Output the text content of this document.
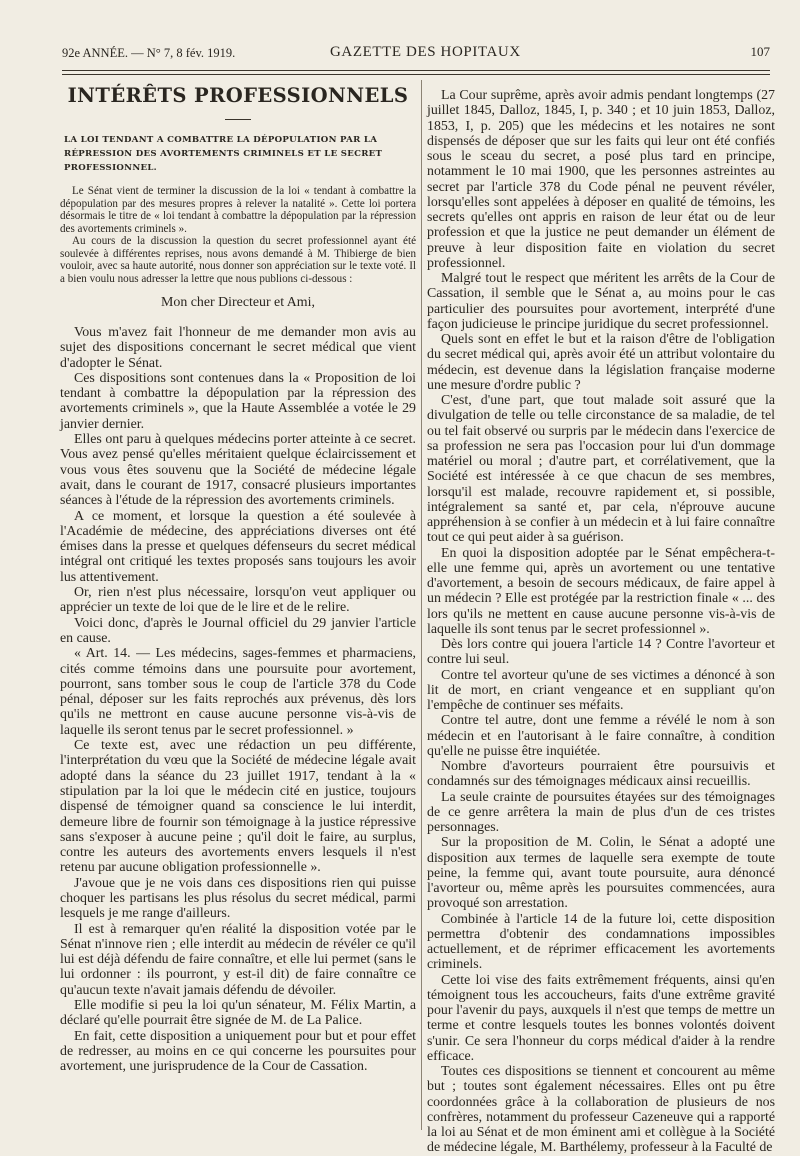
92e ANNÉE. — N° 7, 8 fév. 1919.	GAZETTE DES HOPITAUX	107
INTÉRÊTS PROFESSIONNELS
LA LOI TENDANT A COMBATTRE LA DÉPOPULATION PAR LA RÉPRESSION DES AVORTEMENTS CRIMINELS ET LE SECRET PROFESSIONNEL.

Le Sénat vient de terminer la discussion de la loi « tendant à combattre la dépopulation par des mesures propres à relever la natalité ». Cette loi portera désormais le titre de « loi tendant à combattre la dépopulation par la répression des avortements criminels ».

Au cours de la discussion la question du secret professionnel ayant été soulevée à différentes reprises, nous avons demandé à M. Thibierge de bien vouloir, avec sa haute autorité, nous donner son appréciation sur le texte voté. Il a bien voulu nous adresser la lettre que nous publions ci-dessous :

Mon cher Directeur et Ami,

Vous m'avez fait l'honneur de me demander mon avis au sujet des dispositions concernant le secret médical que vient d'adopter le Sénat.

Ces dispositions sont contenues dans la « Proposition de loi tendant à combattre la dépopulation par la répression des avortements criminels », que la Haute Assemblée a votée le 29 janvier dernier.

Elles ont paru à quelques médecins porter atteinte à ce secret. Vous avez pensé qu'elles méritaient quelque éclaircissement et vous vous êtes souvenu que la Société de médecine légale avait, dans le courant de 1917, consacré plusieurs importantes séances à l'étude de la répression des avortements criminels.

A ce moment, et lorsque la question a été soulevée à l'Académie de médecine, des appréciations diverses ont été émises dans la presse et quelques défenseurs du secret médical intégral ont critiqué les textes proposés sans toujours les avoir lus attentivement.

Or, rien n'est plus nécessaire, lorsqu'on veut appliquer ou apprécier un texte de loi que de le lire et de le relire.

Voici donc, d'après le Journal officiel du 29 janvier l'article en cause.

« Art. 14. — Les médecins, sages-femmes et pharmaciens, cités comme témoins dans une poursuite pour avortement, pourront, sans tomber sous le coup de l'article 378 du Code pénal, déposer sur les faits reprochés aux prévenus, dès lors qu'ils ne mettront en cause aucune personne vis-à-vis de laquelle ils seront tenus par le secret professionnel. »

Ce texte est, avec une rédaction un peu différente, l'interprétation du vœu que la Société de médecine légale avait adopté dans la séance du 23 juillet 1917, tendant à la « stipulation par la loi que le médecin cité en justice, toujours dispensé de témoigner quand sa conscience le lui interdit, demeure libre de fournir son témoignage à la justice répressive sans s'exposer à aucune peine ; qu'il doit le faire, au surplus, contre les auteurs des avortements envers lesquels il n'est retenu par aucune obligation professionnelle ».

J'avoue que je ne vois dans ces dispositions rien qui puisse choquer les partisans les plus résolus du secret médical, parmi lesquels je me range d'ailleurs.

Il est à remarquer qu'en réalité la disposition votée par le Sénat n'innove rien ; elle interdit au médecin de révéler ce qu'il lui est déjà défendu de faire connaître, et elle lui permet (sans le lui ordonner : ils pourront, y est-il dit) de faire connaître ce qu'aucun texte n'avait jamais défendu de dévoiler.

Elle modifie si peu la loi qu'un sénateur, M. Félix Martin, a déclaré qu'elle pourrait être signée de M. de La Palice.

En fait, cette disposition a uniquement pour but et pour effet de redresser, au moins en ce qui concerne les poursuites pour avortement, une jurisprudence de la Cour de Cassation.

La Cour suprême, après avoir admis pendant longtemps (27 juillet 1845, Dalloz, 1845, I, p. 340 ; et 10 juin 1853, Dalloz, 1853, I, p. 205) que les médecins et les notaires ne sont dispensés de déposer que sur les faits qui leur ont été confiés sous le sceau du secret, a posé plus tard en principe, notamment le 10 mai 1900, que les personnes astreintes au secret par l'article 378 du Code pénal ne peuvent révéler, lorsqu'elles sont appelées à déposer en qualité de témoins, les secrets qu'elles ont appris en raison de leur état ou de leur profession et que la justice ne peut demander un élément de preuve à leur disposition faite en violation du secret professionnel.

Malgré tout le respect que méritent les arrêts de la Cour de Cassation, il semble que le Sénat a, au moins pour le cas particulier des poursuites pour avortement, interprété d'une façon judicieuse le principe juridique du secret professionnel.

Quels sont en effet le but et la raison d'être de l'obligation du secret médical qui, après avoir été un attribut volontaire du médecin, est devenue dans la législation française moderne une mesure d'ordre public ?

C'est, d'une part, que tout malade soit assuré que la divulgation de telle ou telle circonstance de sa maladie, de tel ou tel fait observé ou surpris par le médecin dans l'exercice de sa profession ne sera pas l'occasion pour lui d'un dommage matériel ou moral ; d'autre part, et corrélativement, que la Société est intéressée à ce que chacun de ses membres, lorsqu'il est malade, recouvre rapidement et, si possible, intégralement sa santé et, par cela, n'éprouve aucune appréhension à se confier à un médecin et à lui faire connaître tout ce qui peut aider à sa guérison.

En quoi la disposition adoptée par le Sénat empêchera-t-elle une femme qui, après un avortement ou une tentative d'avortement, a besoin de secours médicaux, de faire appel à un médecin ? Elle est protégée par la restriction finale « ... des lors qu'ils ne mettent en cause aucune personne vis-à-vis de laquelle ils sont tenus par le secret professionnel ».

Dès lors contre qui jouera l'article 14 ? Contre l'avorteur et contre lui seul.

Contre tel avorteur qu'une de ses victimes a dénoncé à son lit de mort, en criant vengeance et en suppliant qu'on l'empêche de continuer ses méfaits.

Contre tel autre, dont une femme a révélé le nom à son médecin et en l'autorisant à le faire connaître, à condition qu'elle ne puisse être inquiétée.

Nombre d'avorteurs pourraient être poursuivis et condamnés sur des témoignages médicaux ainsi recueillis.

La seule crainte de poursuites étayées sur des témoignages de ce genre arrêtera la main de plus d'un de ces tristes personnages.

Sur la proposition de M. Colin, le Sénat a adopté une disposition aux termes de laquelle sera exempte de toute peine, la femme qui, avant toute poursuite, aura dénoncé l'avorteur ou, même après les poursuites commencées, aura provoqué son arrestation.

Combinée à l'article 14 de la future loi, cette disposition permettra d'obtenir des condamnations impossibles actuellement, et de réprimer efficacement les avortements criminels.

Cette loi vise des faits extrêmement fréquents, ainsi qu'en témoignent tous les accoucheurs, faits d'une extrême gravité pour l'avenir du pays, auxquels il n'est que temps de mettre un terme et contre lesquels toutes les bonnes volontés doivent s'unir. Ce sera l'honneur du corps médical d'aider à la rendre efficace.

Toutes ces dispositions se tiennent et concourent au même but ; toutes sont également nécessaires. Elles ont pu être coordonnées grâce à la collaboration de plusieurs de nos confrères, notamment du professeur Cazeneuve qui a rapporté la loi au Sénat et de mon éminent ami et collègue à la Société de médecine légale, M. Barthélemy, professeur à la Faculté de
